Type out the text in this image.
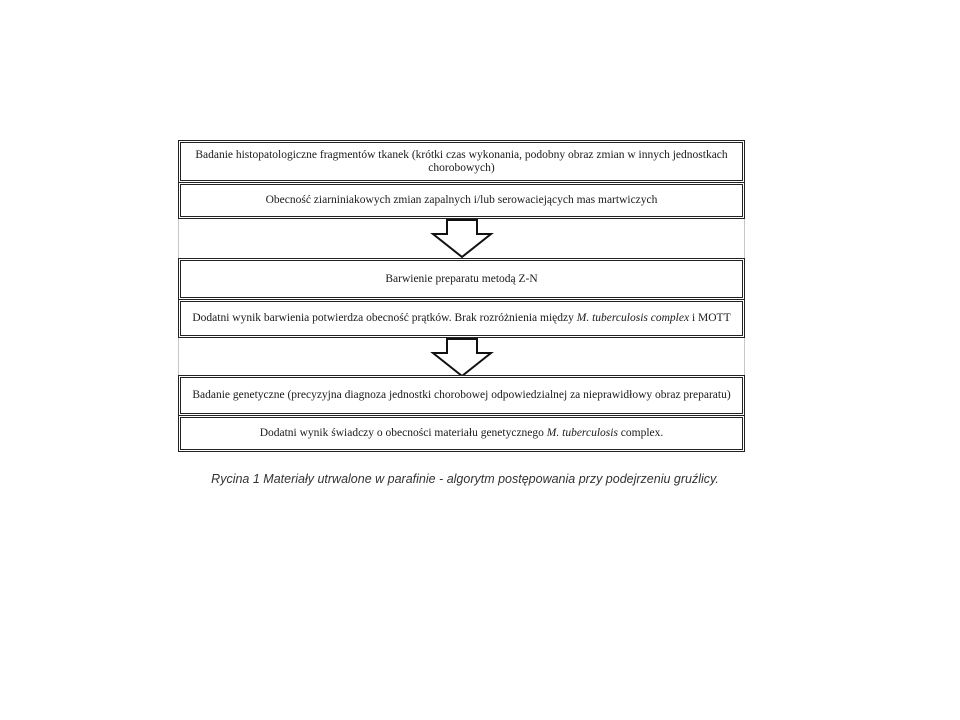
Badanie histopatologiczne fragmentów tkanek (krótki czas wykonania, podobny obraz zmian w innych jednostkach chorobowych)
Obecność ziarniniakowych zmian zapalnych i/lub serowaciejących mas martwiczych
Barwienie preparatu metodą Z-N
Dodatni wynik barwienia potwierdza obecność prątków. Brak rozróżnienia między M. tuberculosis complex i MOTT
Badanie genetyczne (precyzyjna diagnoza jednostki chorobowej odpowiedzialnej za nieprawidłowy obraz preparatu)
Dodatni wynik świadczy o obecności materiału genetycznego M. tuberculosis complex.
Rycina 1 Materiały utrwalone w parafinie - algorytm postępowania przy podejrzeniu gruźlicy.
